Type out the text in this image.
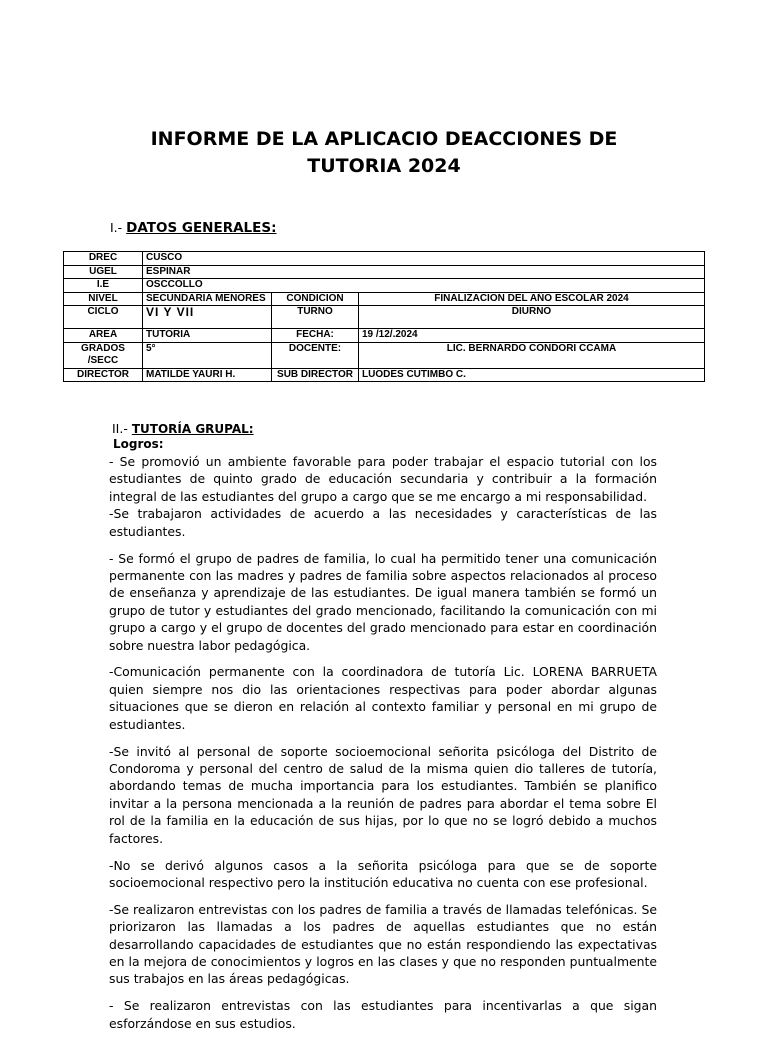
INFORME DE LA APLICACIO DEACCIONES DE
TUTORIA 2024
I.- DATOS GENERALES:
DREC	CUSCO		
UGEL	ESPINAR		
I.E	OSCCOLLO		
NIVEL	SECUNDARIA MENORES	CONDICION	FINALIZACION DEL AÑO ESCOLAR 2024
CICLO	VI Y VII	TURNO	DIURNO
AREA	TUTORIA	FECHA:	19 /12/.2024
GRADOS /SECC	5°	DOCENTE:	LIC. BERNARDO CONDORI CCAMA
DIRECTOR	MATILDE YAURI H.	SUB DIRECTOR	LUODES CUTIMBO C.
II.- TUTORÍA GRUPAL:
Logros:

- Se promovió un ambiente favorable para poder trabajar el espacio tutorial con los estudiantes de quinto grado de educación secundaria y contribuir a la formación integral de las estudiantes del grupo a cargo que se me encargo a mi responsabilidad.

-Se trabajaron actividades de acuerdo a las necesidades y características de las estudiantes.

- Se formó el grupo de padres de familia, lo cual ha permitido tener una comunicación permanente con las madres y padres de familia sobre aspectos relacionados al proceso de enseñanza y aprendizaje de las estudiantes. De igual manera también se formó un grupo de tutor y estudiantes del grado mencionado, facilitando la comunicación con mi grupo a cargo y el grupo de docentes del grado mencionado para estar en coordinación sobre nuestra labor pedagógica.

-Comunicación permanente con la coordinadora de tutoría Lic. LORENA BARRUETA quien siempre nos dio las orientaciones respectivas para poder abordar algunas situaciones que se dieron en relación al contexto familiar y personal en mi grupo de estudiantes.

-Se invitó al personal de soporte socioemocional señorita psicóloga del Distrito de Condoroma y personal del centro de salud de la misma quien dio talleres de tutoría, abordando temas de mucha importancia para los estudiantes. También se planifico invitar a la persona mencionada a la reunión de padres para abordar el tema sobre El rol de la familia en la educación de sus hijas, por lo que no se logró debido a muchos factores.

-No se derivó algunos casos a la señorita psicóloga para que se de soporte socioemocional respectivo pero la institución educativa no cuenta con ese profesional.

-Se realizaron entrevistas con los padres de familia a través de llamadas telefónicas. Se priorizaron las llamadas a los padres de aquellas estudiantes que no están desarrollando capacidades de estudiantes que no están respondiendo las expectativas en la mejora de conocimientos y logros en las clases y que no responden puntualmente sus trabajos en las áreas pedagógicas.

- Se realizaron entrevistas con las estudiantes para incentivarlas a que sigan esforzándose en sus estudios.
